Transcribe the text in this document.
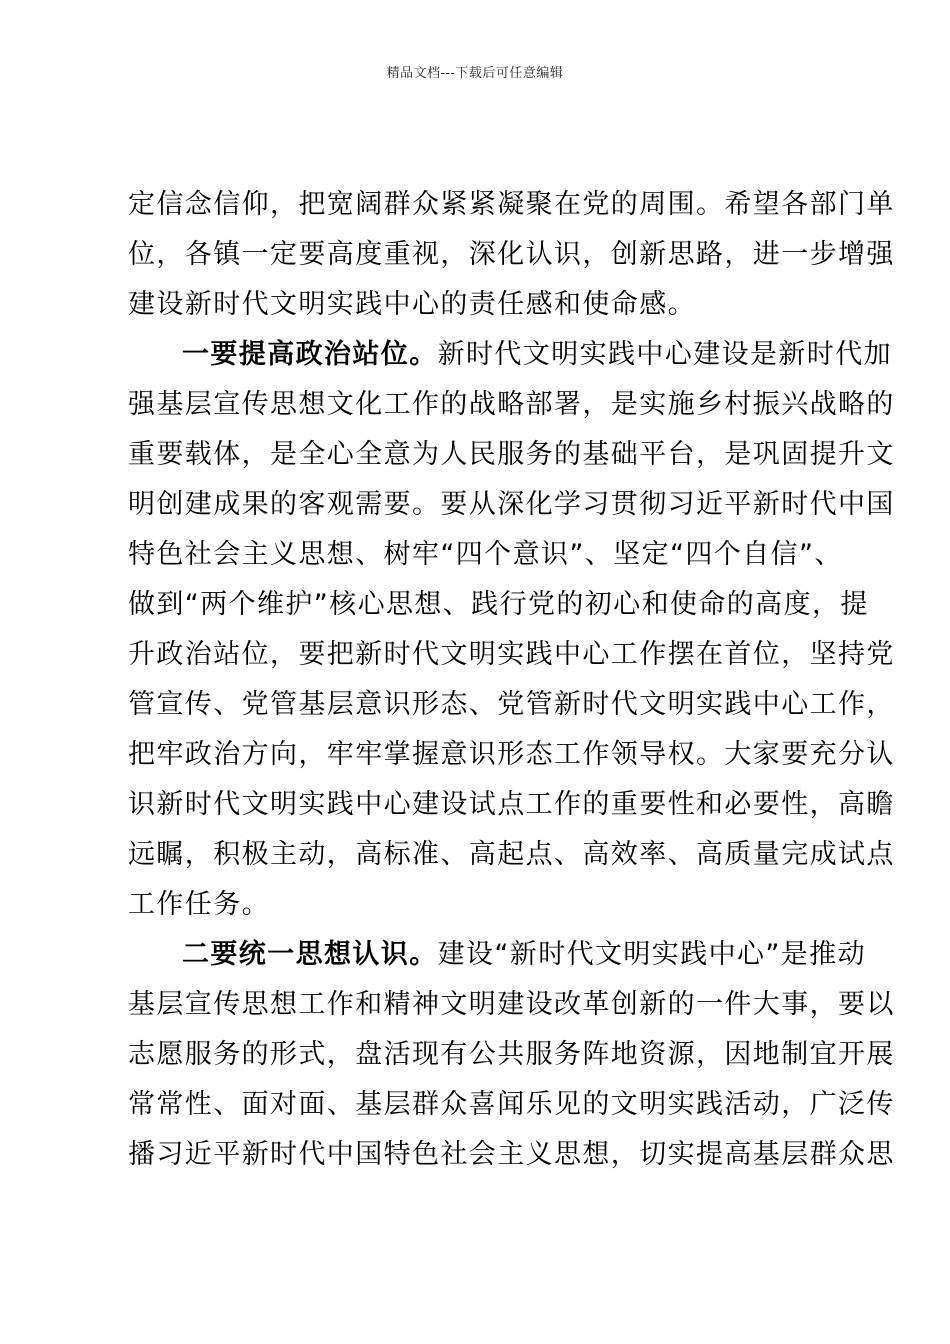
精品文档---下载后可任意编辑
定信念信仰，把宽阔群众紧紧凝聚在党的周围。希望各部门单
位，各镇一定要高度重视，深化认识，创新思路，进一步增强
建设新时代文明实践中心的责任感和使命感。
一要提高政治站位。新时代文明实践中心建设是新时代加
强基层宣传思想文化工作的战略部署，是实施乡村振兴战略的
重要载体，是全心全意为人民服务的基础平台，是巩固提升文
明创建成果的客观需要。要从深化学习贯彻习近平新时代中国
特色社会主义思想、树牢“四个意识”、坚定“四个自信”、
做到“两个维护”核心思想、践行党的初心和使命的高度，提
升政治站位，要把新时代文明实践中心工作摆在首位，坚持党
管宣传、党管基层意识形态、党管新时代文明实践中心工作，
把牢政治方向，牢牢掌握意识形态工作领导权。大家要充分认
识新时代文明实践中心建设试点工作的重要性和必要性，高瞻
远瞩，积极主动，高标准、高起点、高效率、高质量完成试点
工作任务。
二要统一思想认识。建设“新时代文明实践中心”是推动
基层宣传思想工作和精神文明建设改革创新的一件大事，要以
志愿服务的形式，盘活现有公共服务阵地资源，因地制宜开展
常常性、面对面、基层群众喜闻乐见的文明实践活动，广泛传
播习近平新时代中国特色社会主义思想，切实提高基层群众思
